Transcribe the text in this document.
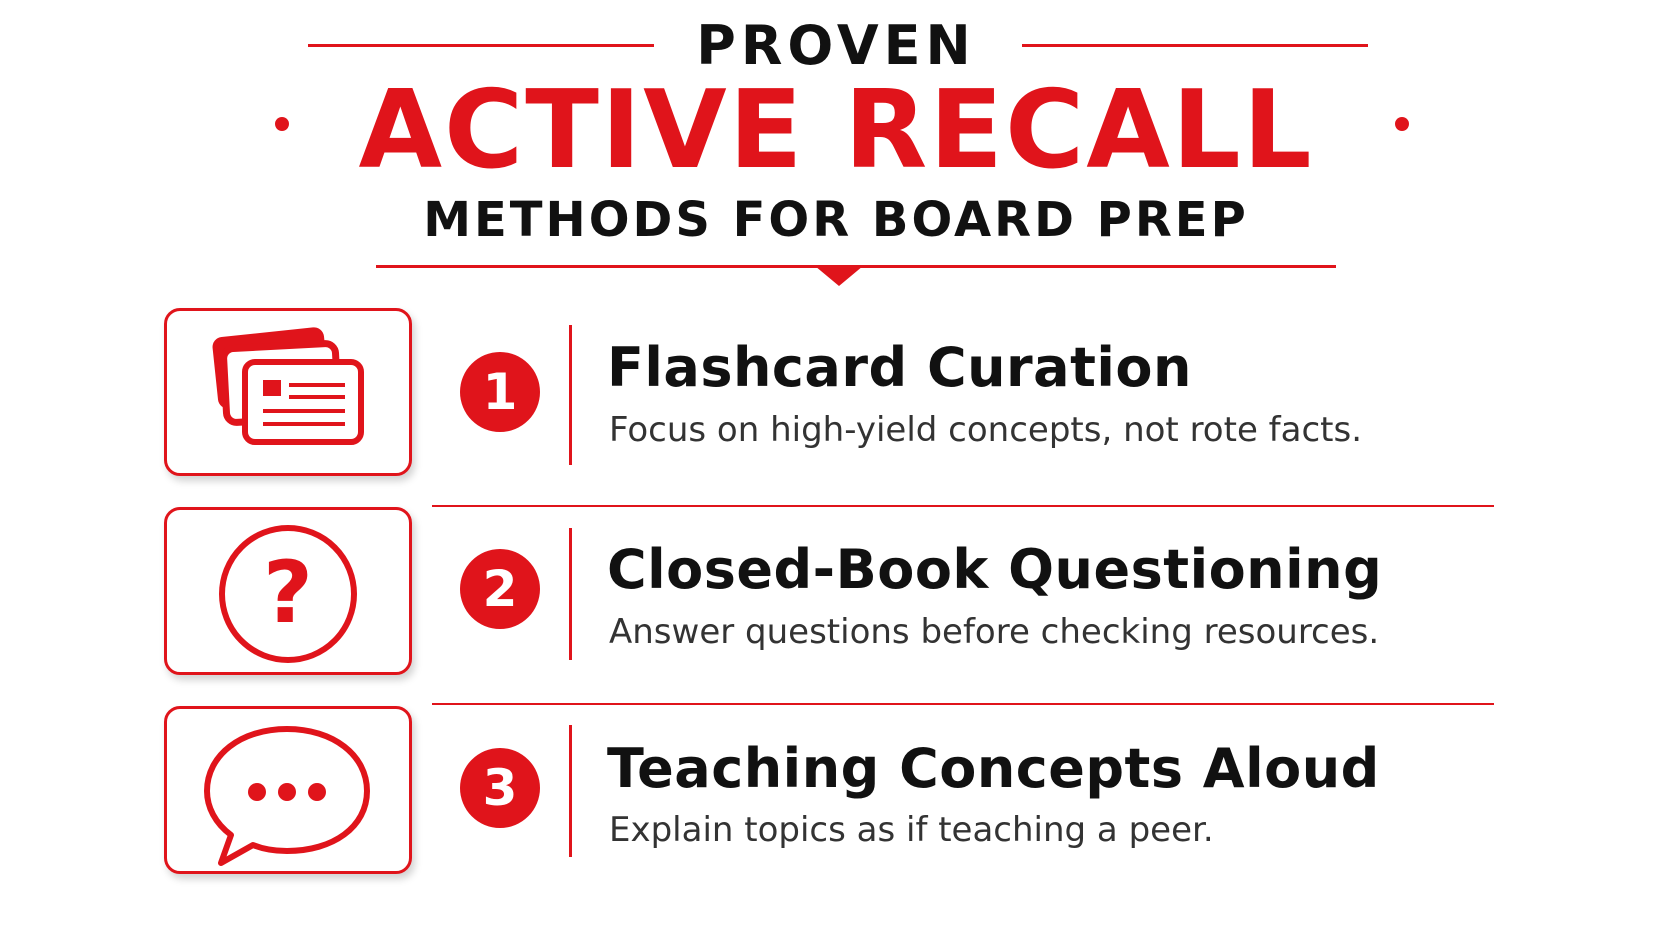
PROVEN
ACTIVE RECALL
METHODS FOR BOARD PREP
1	Flashcard Curation
Focus on high-yield concepts, not rote facts.
?	2	Closed-Book Questioning
Answer questions before checking resources.
3	Teaching Concepts Aloud
Explain topics as if teaching a peer.
